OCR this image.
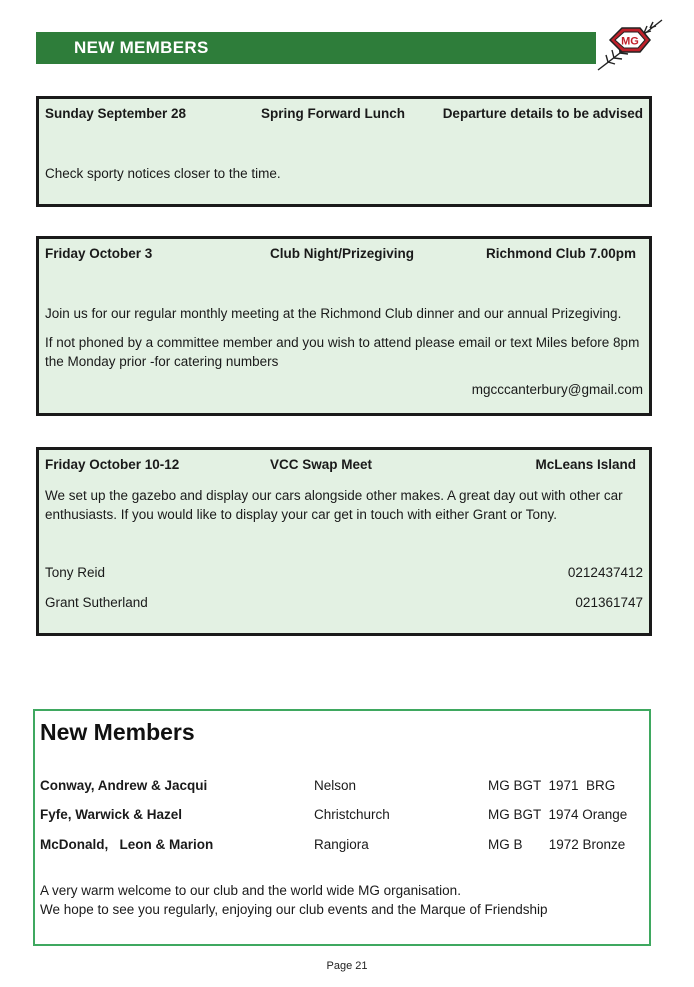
NEW MEMBERS	MG
Sunday September 28	Spring Forward Lunch	Departure details to be advised
Check sporty notices closer to the time.
Friday October 3	Club Night/Prizegiving	Richmond Club 7.00pm
Join us for our regular monthly meeting at the Richmond Club dinner and our annual Prizegiving.
If not phoned by a committee member and you wish to attend please email or text Miles before 8pm the Monday prior -for catering numbers
mgcccanterbury@gmail.com
Friday October 10-12	VCC Swap Meet	McLeans Island
We set up the gazebo and display our cars alongside other makes. A great day out with other car enthusiasts. If you would like to display your car get in touch with either Grant or Tony.
Tony Reid	0212437412
Grant Sutherland	021361747
New Members
Conway, Andrew & Jacqui	Nelson	MG BGT  1971  BRG
Fyfe, Warwick & Hazel	Christchurch	MG BGT  1974 Orange
McDonald,   Leon & Marion	Rangiora	MG B       1972 Bronze
A very warm welcome to our club and the world wide MG organisation.
We hope to see you regularly, enjoying our club events and the Marque of Friendship
Page 21
